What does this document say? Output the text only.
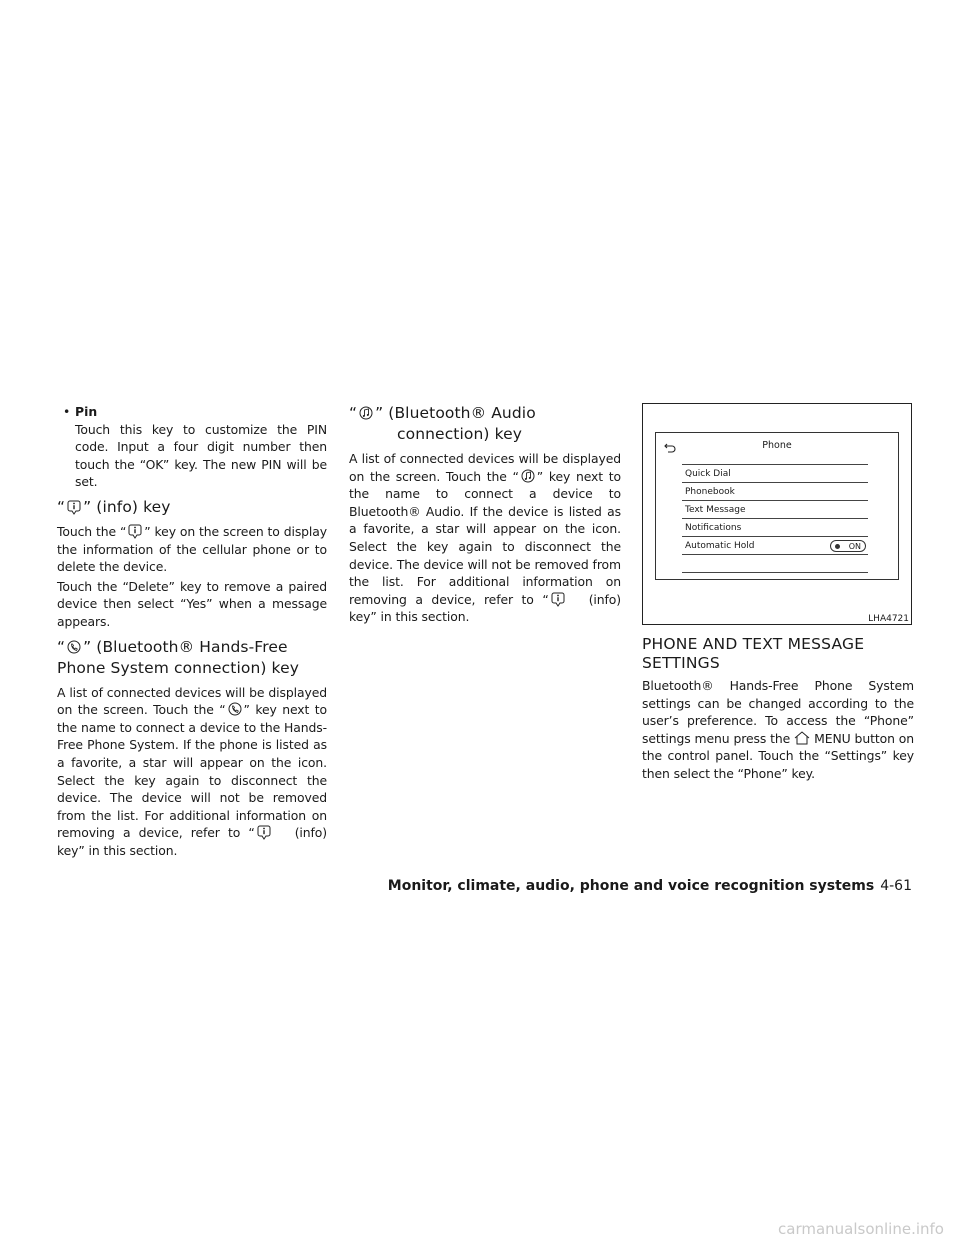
• Pin

Touch this key to customize the PIN code. Input a four digit number then touch the “OK” key. The new PIN will be set.

“ ” (info) key

Touch the “ ” key on the screen to display the information of the cellular phone or to delete the device.

Touch the “Delete” key to remove a paired device then select “Yes” when a message appears.

“ ” (Bluetooth® Hands-Free Phone System connection) key

A list of connected devices will be displayed on the screen. Touch the “ ” key next to the name to connect a device to the Hands-Free Phone System. If the phone is listed as a favorite, a star will appear on the icon. Select the key again to disconnect the device. The device will not be removed from the list. For additional information on removing a device, refer to “	(info) key” in this section.

“ ” (Bluetooth® Audio
connection) key

A list of connected devices will be displayed on the screen. Touch the “ ” key next to the name to connect a device to Bluetooth® Audio. If the device is listed as a favorite, a star will appear on the icon. Select the key again to disconnect the device. The device will not be removed from the list. For additional information on removing a device, refer to “	(info) key” in this section.

Phone
Quick Dial
Phonebook
Text Message
Notifications
Automatic Hold	ON
LHA4721
PHONE AND TEXT MESSAGE SETTINGS

Bluetooth® Hands-Free Phone System settings can be changed according to the user’s preference. To access the “Phone” settings menu press the MENU button on the control panel. Touch the “Settings” key then select the “Phone” key.

Monitor, climate, audio, phone and voice recognition systems 4-61
carmanualsonline.info
